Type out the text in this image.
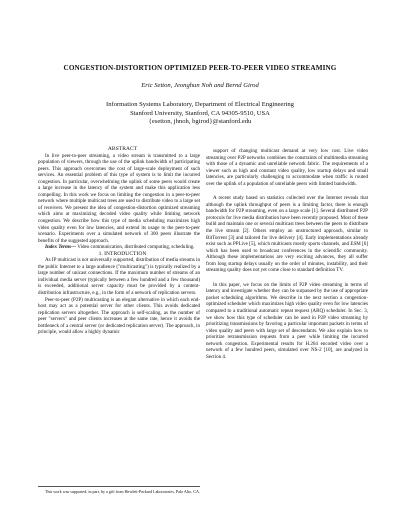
CONGESTION-DISTORTION OPTIMIZED PEER-TO-PEER VIDEO STREAMING
Eric Setton, Jeonghun Noh and Bernd Girod
Information Systems Laboratory, Department of Electrical Engineering
Stanford University, Stanford, CA 94305-9510, USA
{esetton, jhnoh, bgirod}@stanford.edu

ABSTRACT

In live peer-to-peer streaming, a video stream is transmitted to a large population of viewers, through the use of the uplink bandwidth of participating peers. This approach overcomes the cost of large-scale deployment of such services. An essential problem of this type of system is to limit the incurred congestion. In particular, overwhelming the uplink of some peers would create a large increase in the latency of the system and make this application less compelling. In this work we focus on limiting the congestion in a peer-to-peer network where multiple multicast trees are used to distribute video to a large set of receivers. We present the idea of congestion-distortion optimized streaming which aims at maximizing decoded video quality while limiting network congestion. We describe how this type of media scheduling maximizes high video quality even for low latencies, and extend its usage to the peer-to-peer scenario. Experiments over a simulated network of 300 peers illustrate the benefits of the suggested approach.

Index Terms— Video communication, distributed computing, scheduling.

1. INTRODUCTION

As IP multicast is not universally supported, distribution of media streams in the public Internet to a large audience ("multicasting") is typically realized by a large number of unicast connections. If the maximum number of streams of an individual media server (typically between a few hundred and a few thousand) is exceeded, additional server capacity must be provided by a content-distribution infrastructure, e.g., in the form of a network of replication servers.

Peer-to-peer (P2P) multicasting is an elegant alternative in which each end-host may act as a potential server for other clients. This avoids dedicated replication servers altogether. The approach is self-scaling, as the number of peer "servers" and peer clients increases at the same rate, hence it avoids the bottleneck of a central server (or dedicated replication server). The approach, in principle, would allow a highly dynamic

This work was supported, in part, by a gift from Hewlett-Packard Laboratories, Palo Alto, CA.

support of changing multicast demand at very low cost. Live video streaming over P2P networks combines the constraints of multimedia streaming with those of a dynamic and unreliable network fabric. The requirements of a viewer such as high and constant video quality, low startup delays and small latencies, are particularly challenging to accommodate when traffic is routed over the uplink of a population of unreliable peers with limited bandwidth.

A recent study based on statistics collected over the Internet reveals that although the uplink throughput of peers is a limiting factor, there is enough bandwidth for P2P streaming, even on a large scale [1]. Several distributed P2P protocols for live media distribution have been recently proposed. Most of these build and maintain one or several multicast trees between the peers to distribute the live stream [2]. Others employ an unstructured approach, similar to BitTorrent [3] and tailored for live delivery [4]. Early implementations already exist such as PPLive [5], which multicasts mostly sports channels, and ESM [6] which has been used to broadcast conferences in the scientific community. Although these implementations are very exciting advances, they all suffer from long startup delays usually on the order of minutes, instability, and their streaming quality does not yet come close to standard definition TV.

In this paper, we focus on the limits of P2P video streaming in terms of latency and investigate whether they can be surpassed by the use of appropriate packet scheduling algorithms. We describe in the next section a congestion-optimized scheduler which maximizes high video quality even for low latencies compared to a traditional automatic repeat request (ARQ) scheduler. In Sec. 3, we show how this type of scheduler can be used in P2P video streaming by prioritizing transmissions by favoring a particular important packets in terms of video quality and peers with large set of descendants. We also explain how to prioritize retransmission requests from a peer while limiting the incurred network congestion. Experimental results for H.264 encoded video over a network of a few hundred peers, simulated over NS-2 [10], are analyzed in Section 4.
